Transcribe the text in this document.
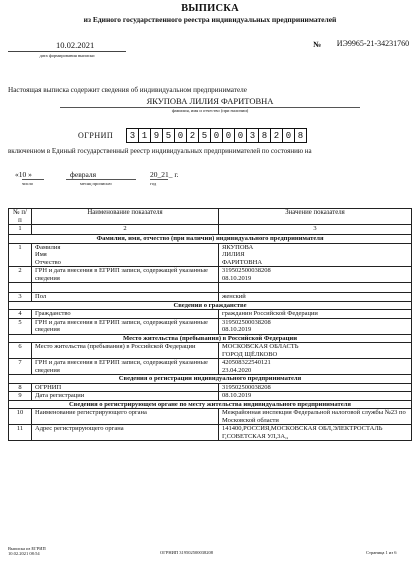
ВЫПИСКА
из Единого государственного реестра индивидуальных предпринимателей
10.02.2021
дата формирования выписки
№	ИЭ9965-21-34231760
Настоящая выписка содержит сведения об индивидуальном предпринимателе
ЯКУПОВА ЛИЛИЯ ФАРИТОВНА
фамилия, имя и отчество (при наличии)
ОГРНИП	3 1 9 5 0 2 5 0 0 0 3 8 2 0 8
включенном в Единый государственный реестр индивидуальных предпринимателей по состоянию на
«10 »	февраля	20_21_ г.
число	месяц прописью	год
№ п/п	Наименование показателя	Значение показателя
1	2	3
Фамилия, имя, отчество (при наличии) индивидуального предпринимателя		
1	Фамилия
Имя
Отчество	ЯКУПОВА
ЛИЛИЯ
ФАРИТОВНА
2	ГРН и дата внесения в ЕГРИП записи, содержащей указанные сведения	319502500038208
08.10.2019

3	Пол	женский
Сведения о гражданстве		
4	Гражданство	гражданин Российской Федерации
5	ГРН и дата внесения в ЕГРИП записи, содержащей указанные сведения	319502500038208
08.10.2019
Место жительства (пребывания) в Российской Федерации		
6	Место жительства (пребывания) в Российской Федерации	МОСКОВСКАЯ ОБЛАСТЬ
ГОРОД ЩЁЛКОВО
7	ГРН и дата внесения в ЕГРИП записи, содержащей указанные сведения	420508322540121
23.04.2020
Сведения о регистрации индивидуального предпринимателя		
8	ОГРНИП	319502500038208
9	Дата регистрации	08.10.2019
Сведения о регистрирующем органе по месту жительства индивидуального предпринимателя		
10	Наименование регистрирующего органа	Межрайонная инспекция Федеральной налоговой службы №23 по Московской области
11	Адрес регистрирующего органа	141400,РОССИЯ,МОСКОВСКАЯ ОБЛ,ЭЛЕКТРОСТАЛЬ Г,СОВЕТСКАЯ УЛ,3А,,
Выписка из ЕГРИП
10.02.2021 08:54	ОГРНИП 319502500038208	Страница 1 из 6
